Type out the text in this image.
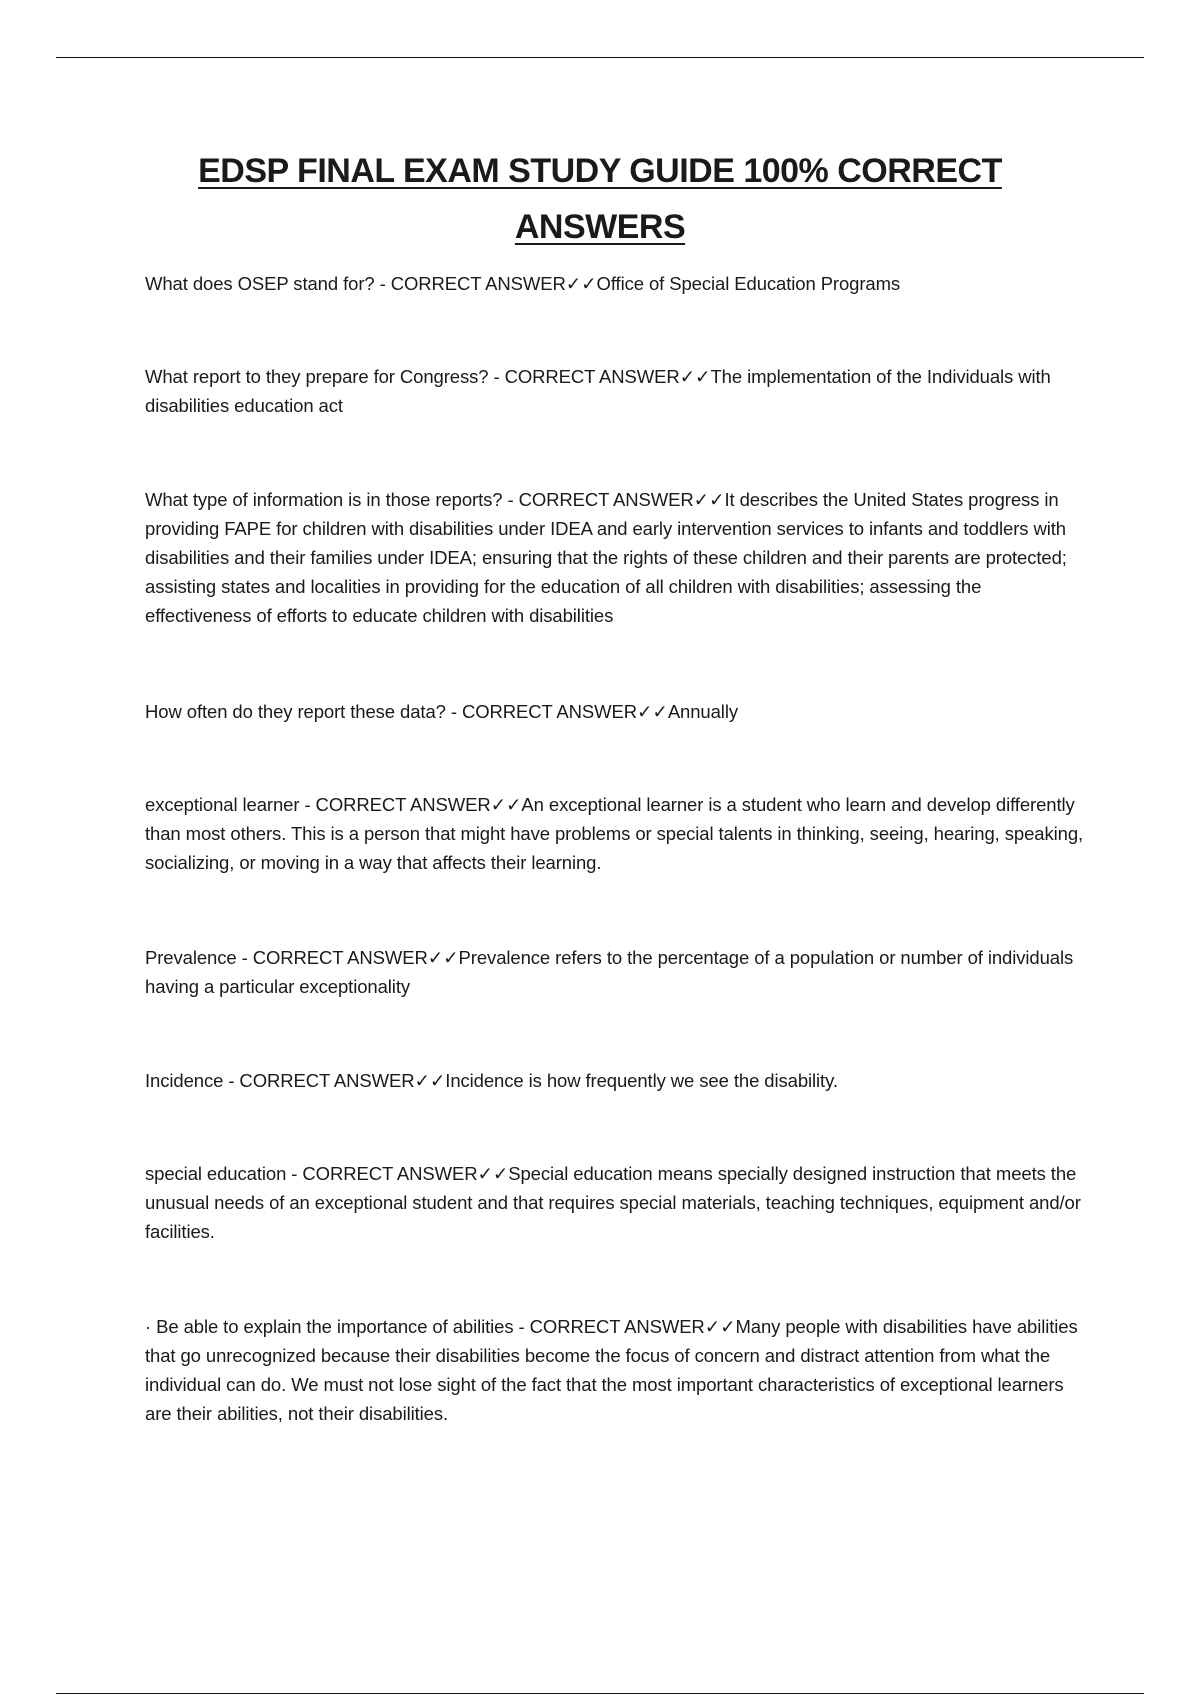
EDSP FINAL EXAM STUDY GUIDE 100% CORRECT
ANSWERS

What does OSEP stand for? - CORRECT ANSWER✓✓Office of Special Education Programs

What report to they prepare for Congress? - CORRECT ANSWER✓✓The implementation of the Individuals with disabilities education act

What type of information is in those reports? - CORRECT ANSWER✓✓It describes the United States progress in providing FAPE for children with disabilities under IDEA and early intervention services to infants and toddlers with disabilities and their families under IDEA; ensuring that the rights of these children and their parents are protected; assisting states and localities in providing for the education of all children with disabilities; assessing the effectiveness of efforts to educate children with disabilities

How often do they report these data? - CORRECT ANSWER✓✓Annually

exceptional learner - CORRECT ANSWER✓✓An exceptional learner is a student who learn and develop differently than most others. This is a person that might have problems or special talents in thinking, seeing, hearing, speaking, socializing, or moving in a way that affects their learning.

Prevalence - CORRECT ANSWER✓✓Prevalence refers to the percentage of a population or number of individuals having a particular exceptionality

Incidence - CORRECT ANSWER✓✓Incidence is how frequently we see the disability.

special education - CORRECT ANSWER✓✓Special education means specially designed instruction that meets the unusual needs of an exceptional student and that requires special materials, teaching techniques, equipment and/or facilities.

· Be able to explain the importance of abilities - CORRECT ANSWER✓✓Many people with disabilities have abilities that go unrecognized because their disabilities become the focus of concern and distract attention from what the individual can do. We must not lose sight of the fact that the most important characteristics of exceptional learners are their abilities, not their disabilities.
